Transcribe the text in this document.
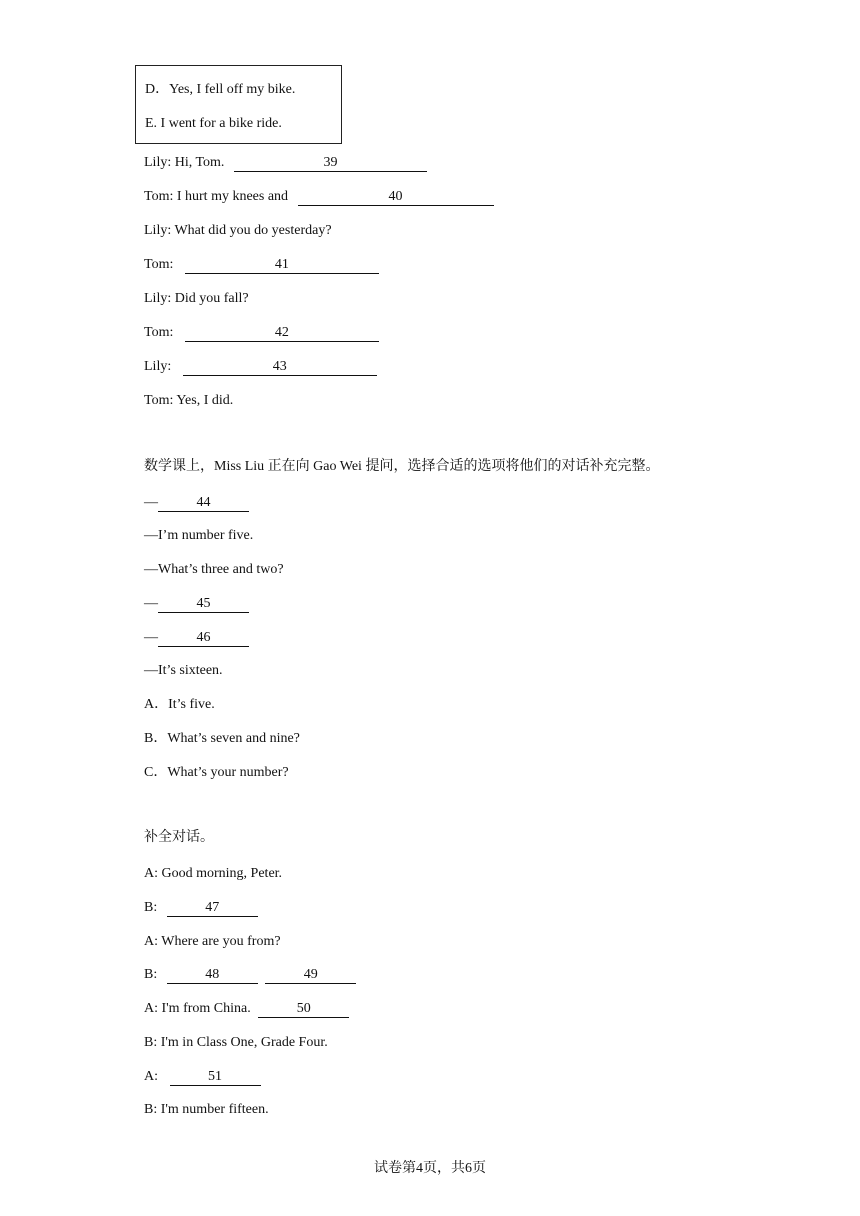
D．Yes, I fell off my bike.
E. I went for a bike ride.
Lily: Hi, Tom.	39
Tom: I hurt my knees and	40
Lily: What did you do yesterday?
Tom:	41
Lily: Did you fall?
Tom:	42
Lily:	43
Tom: Yes, I did.
数学课上，Miss Liu 正在向 Gao Wei 提问，选择合适的选项将他们的对话补充完整。
—	44
—I’m number five.
—What’s three and two?
—	45
—	46
—It’s sixteen.
A．It’s five.
B．What’s seven and nine?
C．What’s your number?
补全对话。
A: Good morning, Peter.
B:	47
A: Where are you from?
B:	48	49
A: I'm from China.	50
B: I'm in Class One, Grade Four.
A:	51
B: I'm number fifteen.
试卷第4页，共6页
